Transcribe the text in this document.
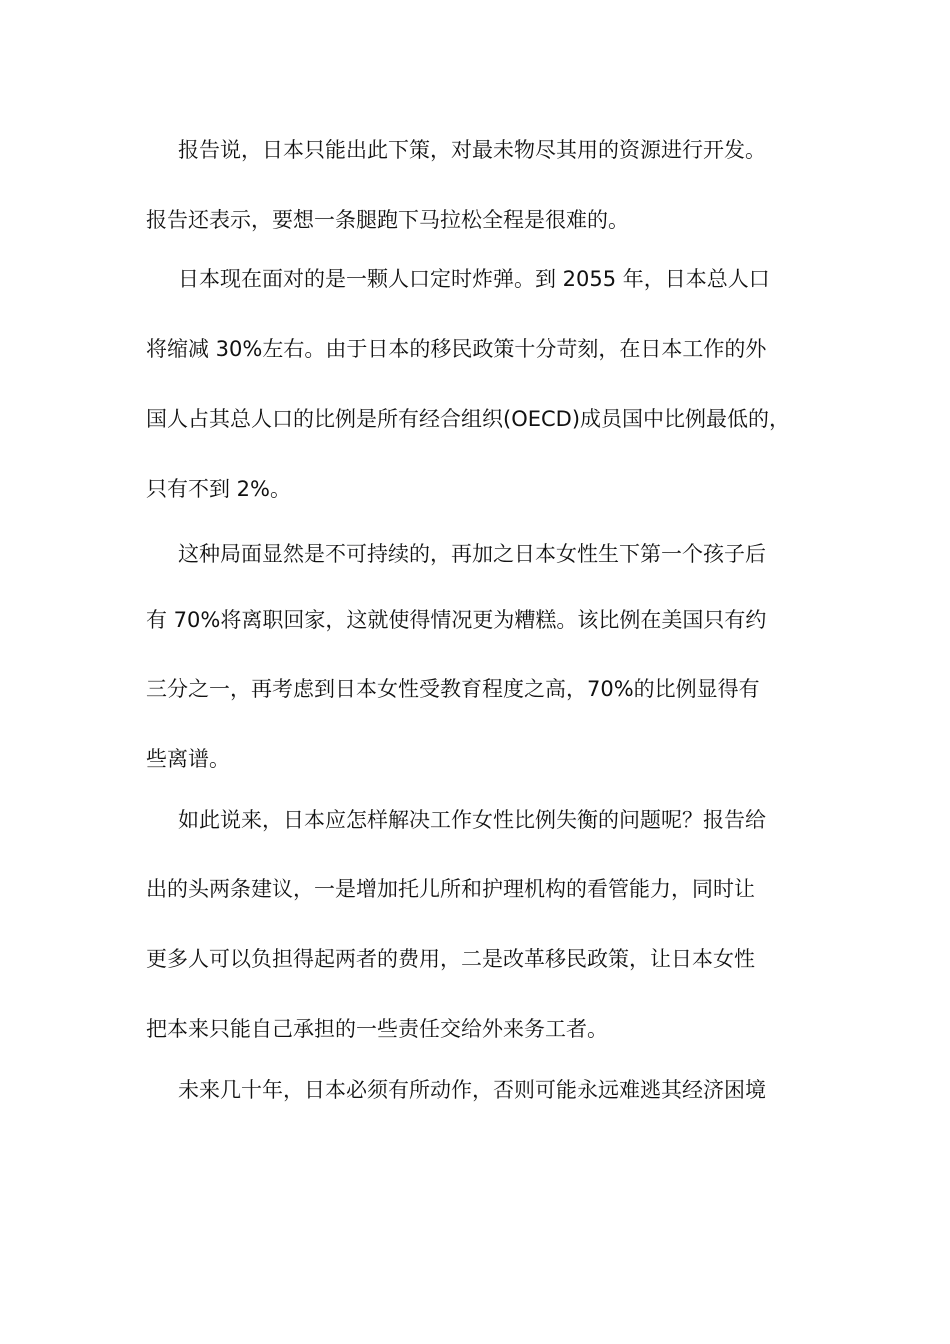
报告说，日本只能出此下策，对最未物尽其用的资源进行开发。
报告还表示，要想一条腿跑下马拉松全程是很难的。
日本现在面对的是一颗人口定时炸弹。到 2055 年，日本总人口
将缩减 30%左右。由于日本的移民政策十分苛刻，在日本工作的外
国人占其总人口的比例是所有经合组织(OECD)成员国中比例最低的，
只有不到 2%。
这种局面显然是不可持续的，再加之日本女性生下第一个孩子后
有 70%将离职回家，这就使得情况更为糟糕。该比例在美国只有约
三分之一，再考虑到日本女性受教育程度之高，70%的比例显得有
些离谱。
如此说来，日本应怎样解决工作女性比例失衡的问题呢？报告给
出的头两条建议，一是增加托儿所和护理机构的看管能力，同时让
更多人可以负担得起两者的费用，二是改革移民政策，让日本女性
把本来只能自己承担的一些责任交给外来务工者。
未来几十年，日本必须有所动作，否则可能永远难逃其经济困境
